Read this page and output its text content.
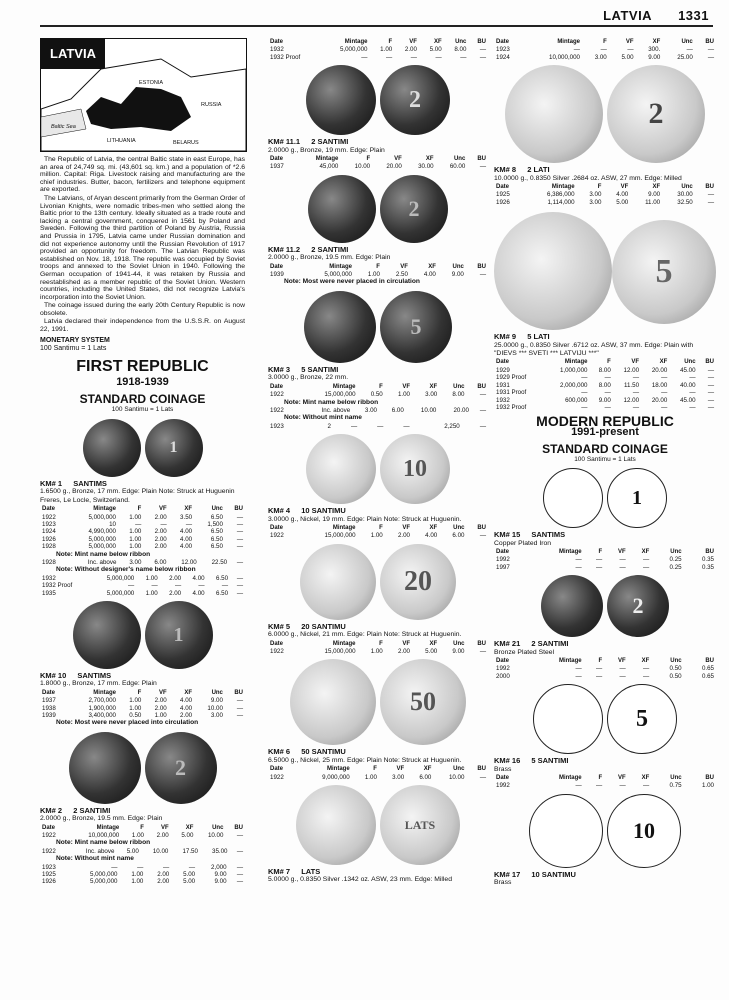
LATVIA 1331
LATVIA
ESTONIA
RUSSIA
Baltic Sea
LITHUANIA	BELARUS

The Republic of Latvia, the central Baltic state in east Europe, has an area of 24,749 sq. mi. (43,601 sq. km.) and a population of *2.6 million. Capital: Riga. Livestock raising and manufacturing are the chief industries. Butter, bacon, fertilizers and telephone equipment are exported.

The Latvians, of Aryan descent primarily from the German Order of Livonian Knights, were nomadic tribes-men who settled along the Baltic prior to the 13th century. Ideally situated as a trade route and lacking a central government, conquered in 1561 by Poland and Sweden. Following the third partition of Poland by Austria, Russia and Prussia in 1795, Latvia came under Russian domination and did not experience autonomy until the Russian Revolution of 1917 provided an opportunity for freedom. The Latvian Republic was established on Nov. 18, 1918. The republic was occupied by Soviet troops and annexed to the Soviet Union in 1940. Following the German occupation of 1941-44, it was retaken by Russia and reestablished as a member republic of the Soviet Union. Western countries, including the United States, did not recognize Latvia's incorporation into the Soviet Union.

The coinage issued during the early 20th Century Republic is now obsolete.

Latvia declared their independence from the U.S.S.R. on August 22, 1991.

MONETARY SYSTEM
100 Santimu = 1 Lats
FIRST REPUBLIC
1918-1939
STANDARD COINAGE
100 Santimu = 1 Lats
1
KM# 1 SANTIMS
1.6500 g., Bronze, 17 mm. Edge: Plain Note: Struck at Huguenin Freres, Le Locle, Switzerland.
Date	Mintage	F	VF	XF	Unc	BU
1922	5,000,000	1.00	2.00	3.50	6.50	—
1923	10	—	—	—	1,500	—
1924	4,990,000	1.00	2.00	4.00	6.50	—
1926	5,000,000	1.00	2.00	4.00	6.50	—
1928	5,000,000	1.00	2.00	4.00	6.50	—
Note: Mint name below ribbon
1928	Inc. above	3.00	6.00	12.00	22.50	—
Note: Without designer's name below ribbon
1932	5,000,000	1.00	2.00	4.00	6.50	—
1932 Proof	—	—	—	—	—	—
1935	5,000,000	1.00	2.00	4.00	6.50	—
1
KM# 10 SANTIMS
1.8000 g., Bronze, 17 mm. Edge: Plain
Date	Mintage	F	VF	XF	Unc	BU
1937	2,700,000	1.00	2.00	4.00	9.00	—
1938	1,900,000	1.00	2.00	4.00	10.00	—
1939	3,400,000	0.50	1.00	2.00	3.00	—
Note: Most were never placed into circulation
2
KM# 2 2 SANTIMI
2.0000 g., Bronze, 19.5 mm. Edge: Plain
Date	Mintage	F	VF	XF	Unc	BU
1922	10,000,000	1.00	2.00	5.00	10.00	—
Note: Mint name below ribbon
1922	Inc. above	5.00	10.00	17.50	35.00	—
Note: Without mint name
1923	—	—	—	—	2,000	—
1925	5,000,000	1.00	2.00	5.00	9.00	—
1926	5,000,000	1.00	2.00	5.00	9.00	—
Date	Mintage	F	VF	XF	Unc	BU
1932	5,000,000	1.00	2.00	5.00	8.00	—
1932 Proof	—	—	—	—	—	—
2
KM# 11.1 2 SANTIMI
2.0000 g., Bronze, 19 mm. Edge: Plain
Date	Mintage	F	VF	XF	Unc	BU
1937	45,000	10.00	20.00	30.00	60.00	—
2
KM# 11.2 2 SANTIMI
2.0000 g., Bronze, 19.5 mm. Edge: Plain
Date	Mintage	F	VF	XF	Unc	BU
1939	5,000,000	1.00	2.50	4.00	9.00	—
Note: Most were never placed in circulation
5
KM# 3 5 SANTIMI
3.0000 g., Bronze, 22 mm.
Date	Mintage	F	VF	XF	Unc	BU
1922	15,000,000	0.50	1.00	3.00	8.00	—
Note: Mint name below ribbon
1922	Inc. above	3.00	6.00	10.00	20.00	—
Note: Without mint name
1923	2	—	—	—	2,250	—
10
KM# 4 10 SANTIMU
3.0000 g., Nickel, 19 mm. Edge: Plain Note: Struck at Huguenin.
Date	Mintage	F	VF	XF	Unc	BU
1922	15,000,000	1.00	2.00	4.00	6.00	—
20
KM# 5 20 SANTIMU
6.0000 g., Nickel, 21 mm. Edge: Plain Note: Struck at Huguenin.
Date	Mintage	F	VF	XF	Unc	BU
1922	15,000,000	1.00	2.00	5.00	9.00	—
50
KM# 6 50 SANTIMU
6.5000 g., Nickel, 25 mm. Edge: Plain Note: Struck at Huguenin.
Date	Mintage	F	VF	XF	Unc	BU
1922	9,000,000	1.00	3.00	6.00	10.00	—
LATS
KM# 7 LATS
5.0000 g., 0.8350 Silver .1342 oz. ASW, 23 mm. Edge: Milled
Date	Mintage	F	VF	XF	Unc	BU
1923	—	—	—	300.	—	—
1924	10,000,000	3.00	5.00	9.00	25.00	—
2
KM# 8 2 LATI
10.0000 g., 0.8350 Silver .2684 oz. ASW, 27 mm. Edge: Milled
Date	Mintage	F	VF	XF	Unc	BU
1925	6,386,000	3.00	4.00	9.00	30.00	—
1926	1,114,000	3.00	5.00	11.00	32.50	—
5
KM# 9 5 LATI
25.0000 g., 0.8350 Silver .6712 oz. ASW, 37 mm. Edge: Plain with "DIEVS *** SVETI *** LATVIJU ***"
Date	Mintage	F	VF	XF	Unc	BU
1929	1,000,000	8.00	12.00	20.00	45.00	—
1929 Proof	—	—	—	—	—	—
1931	2,000,000	8.00	11.50	18.00	40.00	—
1931 Proof	—	—	—	—	—	—
1932	600,000	9.00	12.00	20.00	45.00	—
1932 Proof	—	—	—	—	—	—
MODERN REPUBLIC
1991-present
STANDARD COINAGE
100 Santimu = 1 Lats
1
KM# 15 SANTIMS
Copper Plated Iron
Date	Mintage	F	VF	XF	Unc	BU
1992	—	—	—	—	0.25	0.35
1997	—	—	—	—	0.25	0.35
2
KM# 21 2 SANTIMI
Bronze Plated Steel
Date	Mintage	F	VF	XF	Unc	BU
1992	—	—	—	—	0.50	0.65
2000	—	—	—	—	0.50	0.65
5
KM# 16 5 SANTIMI
Brass
Date	Mintage	F	VF	XF	Unc	BU
1992	—	—	—	—	0.75	1.00
10
KM# 17 10 SANTIMU
Brass
